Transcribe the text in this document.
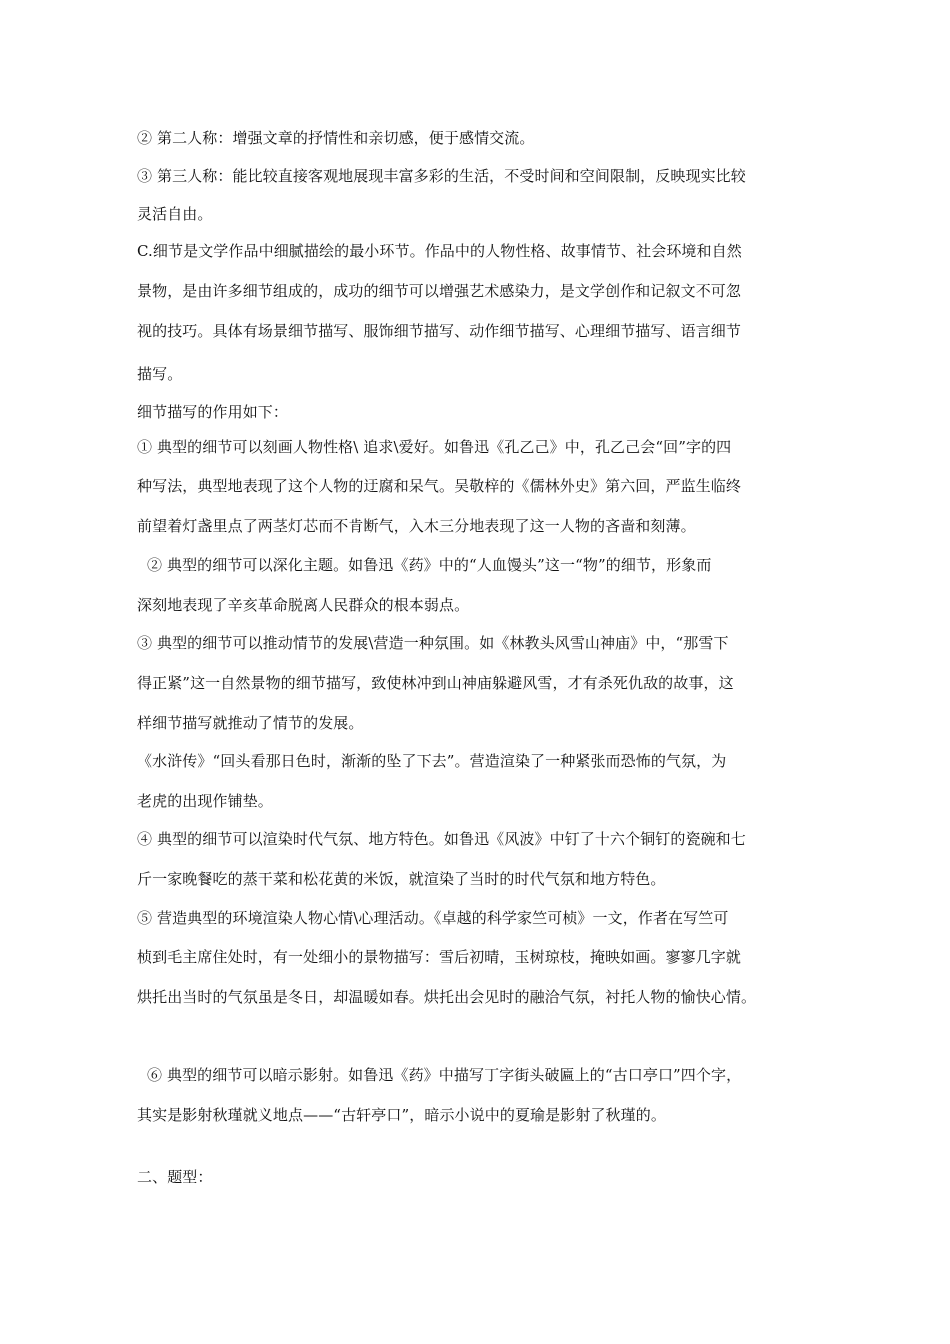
② 第二人称：增强文章的抒情性和亲切感，便于感情交流。
③ 第三人称：能比较直接客观地展现丰富多彩的生活，不受时间和空间限制，反映现实比较
灵活自由。
C.细节是文学作品中细腻描绘的最小环节。作品中的人物性格、故事情节、社会环境和自然
景物，是由许多细节组成的，成功的细节可以增强艺术感染力，是文学创作和记叙文不可忽
视的技巧。具体有场景细节描写、服饰细节描写、动作细节描写、心理细节描写、语言细节
描写。
细节描写的作用如下：
① 典型的细节可以刻画人物性格\ 追求\爱好。如鲁迅《孔乙己》中，孔乙己会“回”字的四
种写法，典型地表现了这个人物的迂腐和呆气。吴敬梓的《儒林外史》第六回，严监生临终
前望着灯盏里点了两茎灯芯而不肯断气，入木三分地表现了这一人物的吝啬和刻薄。
② 典型的细节可以深化主题。如鲁迅《药》中的“人血馒头”这一“物”的细节，形象而
深刻地表现了辛亥革命脱离人民群众的根本弱点。
③ 典型的细节可以推动情节的发展\营造一种氛围。如《林教头风雪山神庙》中，“那雪下
得正紧”这一自然景物的细节描写，致使林冲到山神庙躲避风雪，才有杀死仇敌的故事，这
样细节描写就推动了情节的发展。
《水浒传》“回头看那日色时，渐渐的坠了下去”。营造渲染了一种紧张而恐怖的气氛，为
老虎的出现作铺垫。
④ 典型的细节可以渲染时代气氛、地方特色。如鲁迅《风波》中钉了十六个铜钉的瓷碗和七
斤一家晚餐吃的蒸干菜和松花黄的米饭，就渲染了当时的时代气氛和地方特色。
⑤ 营造典型的环境渲染人物心情\心理活动。《卓越的科学家竺可桢》一文，作者在写竺可
桢到毛主席住处时，有一处细小的景物描写：雪后初晴，玉树琼枝，掩映如画。寥寥几字就
烘托出当时的气氛虽是冬日，却温暖如春。烘托出会见时的融洽气氛，衬托人物的愉快心情。
⑥ 典型的细节可以暗示影射。如鲁迅《药》中描写丁字街头破匾上的“古口亭口”四个字，
其实是影射秋瑾就义地点——“古轩亭口”，暗示小说中的夏瑜是影射了秋瑾的。
二、题型：
